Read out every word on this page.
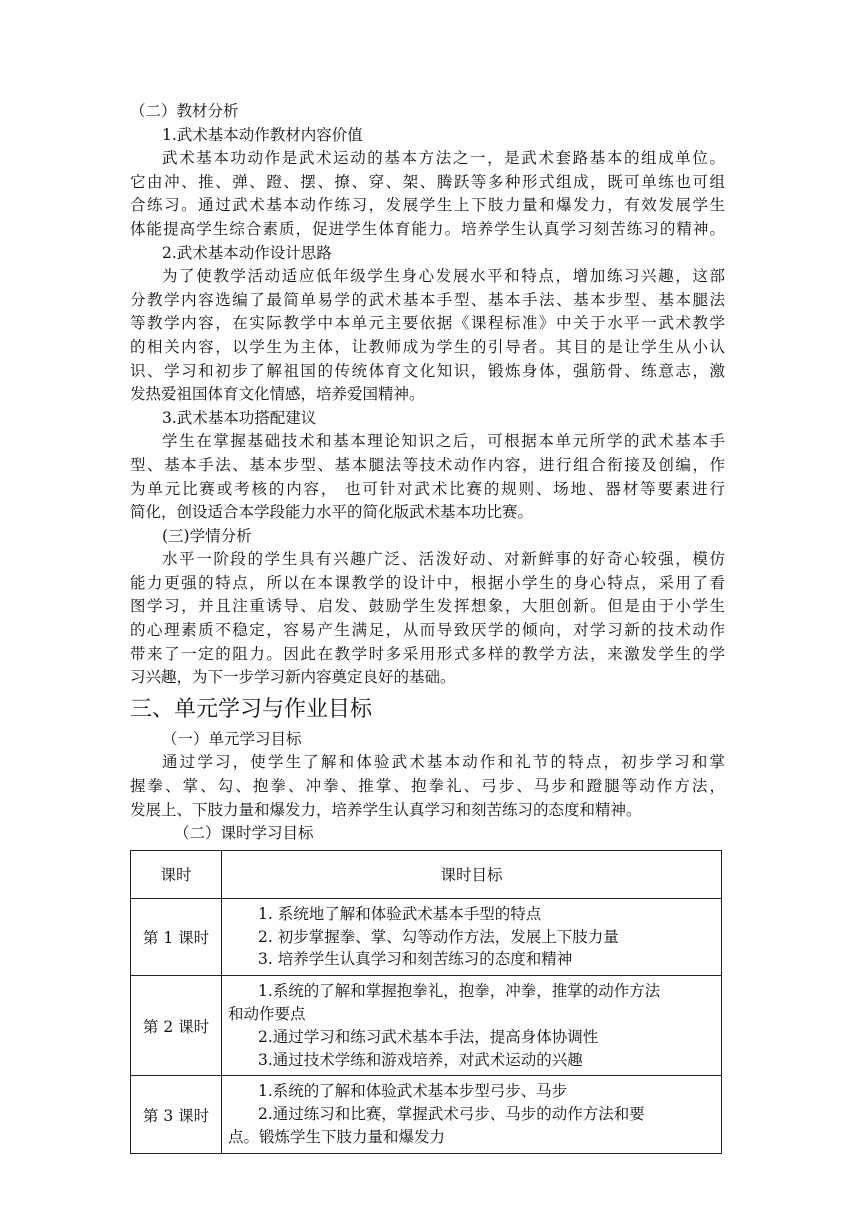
（二）教材分析
1.武术基本动作教材内容价值
武术基本功动作是武术运动的基本方法之一，是武术套路基本的组成单位。
它由冲、推、弹、蹬、摆、撩、穿、架、腾跃等多种形式组成，既可单练也可组
合练习。通过武术基本动作练习，发展学生上下肢力量和爆发力，有效发展学生
体能提高学生综合素质，促进学生体育能力。培养学生认真学习刻苦练习的精神。
2.武术基本动作设计思路
为了使教学活动适应低年级学生身心发展水平和特点，增加练习兴趣，这部
分教学内容选编了最简单易学的武术基本手型、基本手法、基本步型、基本腿法
等教学内容，在实际教学中本单元主要依据《课程标准》中关于水平一武术教学
的相关内容，以学生为主体，让教师成为学生的引导者。其目的是让学生从小认
识、学习和初步了解祖国的传统体育文化知识，锻炼身体，强筋骨、练意志，激
发热爱祖国体育文化情感，培养爱国精神。
3.武术基本功搭配建议
学生在掌握基础技术和基本理论知识之后，可根据本单元所学的武术基本手
型、基本手法、基本步型、基本腿法等技术动作内容，进行组合衔接及创编，作
为单元比赛或考核的内容， 也可针对武术比赛的规则、场地、器材等要素进行
简化，创设适合本学段能力水平的简化版武术基本功比赛。
(三)学情分析
水平一阶段的学生具有兴趣广泛、活泼好动、对新鲜事的好奇心较强，模仿
能力更强的特点，所以在本课教学的设计中，根据小学生的身心特点，采用了看
图学习，并且注重诱导、启发、鼓励学生发挥想象，大胆创新。但是由于小学生
的心理素质不稳定，容易产生满足，从而导致厌学的倾向，对学习新的技术动作
带来了一定的阻力。因此在教学时多采用形式多样的教学方法，来激发学生的学
习兴趣，为下一步学习新内容奠定良好的基础。
三、单元学习与作业目标
（一）单元学习目标
通过学习，使学生了解和体验武术基本动作和礼节的特点，初步学习和掌
握拳、掌、勾、抱拳、冲拳、推掌、抱拳礼、弓步、马步和蹬腿等动作方法，
发展上、下肢力量和爆发力，培养学生认真学习和刻苦练习的态度和精神。
（二）课时学习目标
课时	课时目标
第 1 课时	1. 系统地了解和体验武术基本手型的特点
2. 初步掌握拳、掌、勾等动作方法，发展上下肢力量
3. 培养学生认真学习和刻苦练习的态度和精神

第 2 课时	1.系统的了解和掌握抱拳礼，抱拳，冲拳，推掌的动作方法
和动作要点
2.通过学习和练习武术基本手法，提高身体协调性
3.通过技术学练和游戏培养，对武术运动的兴趣

第 3 课时	1.系统的了解和体验武术基本步型弓步、马步
2.通过练习和比赛，掌握武术弓步、马步的动作方法和要
点。锻炼学生下肢力量和爆发力
